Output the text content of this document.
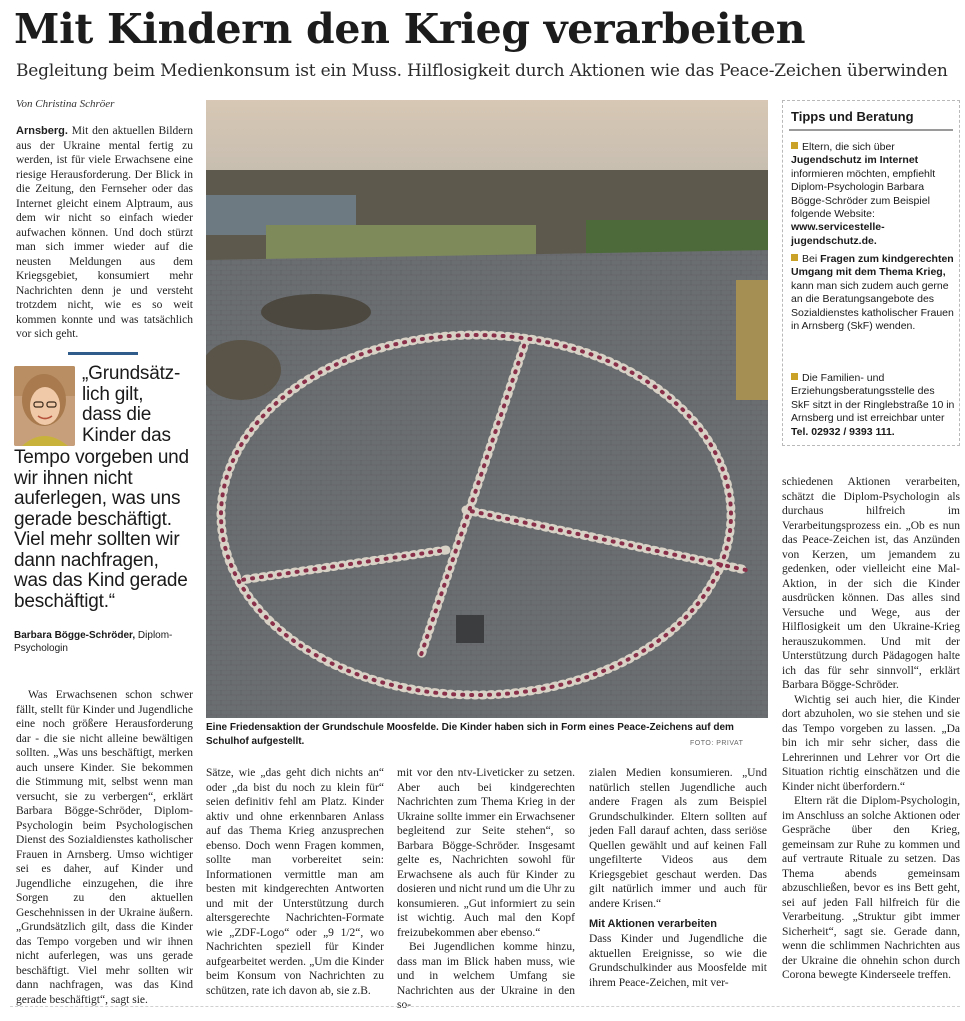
Mit Kindern den Krieg verarbeiten
Begleitung beim Medienkonsum ist ein Muss. Hilflosigkeit durch Aktionen wie das Peace-Zeichen überwinden
Von Christina Schröer

Arnsberg. Mit den aktuellen Bildern aus der Ukraine mental fertig zu werden, ist für viele Erwachsene eine riesige Herausforderung. Der Blick in die Zeitung, den Fernseher oder das Internet gleicht einem Alptraum, aus dem wir nicht so einfach wieder aufwachen können. Und doch stürzt man sich immer wieder auf die neusten Meldungen aus dem Kriegsgebiet, konsumiert mehr Nachrichten denn je und versteht trotzdem nicht, wie es so weit kommen konnte und was tatsächlich vor sich geht.

„Grundsätz-
lich gilt,
dass die
Kinder das
Tempo vorgeben und wir ihnen nicht auferlegen, was uns gerade beschäftigt. Viel mehr sollten wir dann nachfragen, was das Kind gerade beschäftigt.“
Barbara Bögge-Schröder, Diplom-Psychologin

Was Erwachsenen schon schwer fällt, stellt für Kinder und Jugendliche eine noch größere Herausforderung dar - die sie nicht alleine bewältigen sollten. „Was uns beschäftigt, merken auch unsere Kinder. Sie bekommen die Stimmung mit, selbst wenn man versucht, sie zu verbergen“, erklärt Barbara Bögge-Schröder, Diplom-Psychologin beim Psychologischen Dienst des Sozialdienstes katholischer Frauen in Arnsberg. Umso wichtiger sei es daher, auf Kinder und Jugendliche einzugehen, die ihre Sorgen zu den aktuellen Geschehnissen in der Ukraine äußern. „Grundsätzlich gilt, dass die Kinder das Tempo vorgeben und wir ihnen nicht auferlegen, was uns gerade beschäftigt. Viel mehr sollten wir dann nachfragen, was das Kind gerade beschäftigt“, sagt sie.

Eine Friedensaktion der Grundschule Moosfelde. Die Kinder haben sich in Form eines Peace-Zeichens auf dem Schulhof aufgestellt.	FOTO: PRIVAT
Tipps und Beratung
Eltern, die sich über Jugendschutz im Internet informieren möchten, empfiehlt Diplom-Psychologin Barbara Bögge-Schröder zum Beispiel folgende Website: www.servicestelle-jugendschutz.de.
Bei Fragen zum kindgerechten Umgang mit dem Thema Krieg, kann man sich zudem auch gerne an die Beratungsangebote des Sozialdienstes katholischer Frauen in Arnsberg (SkF) wenden.
Die Familien- und Erziehungsberatungsstelle des SkF sitzt in der Ringlebstraße 10 in Arnsberg und ist erreichbar unter Tel. 02932 / 9393 111.

Sätze, wie „das geht dich nichts an“ oder „da bist du noch zu klein für“ seien definitiv fehl am Platz. Kinder aktiv und ohne erkennbaren Anlass auf das Thema Krieg anzusprechen ebenso. Doch wenn Fragen kommen, sollte man vorbereitet sein: Informationen vermittle man am besten mit kindgerechten Antworten und mit der Unterstützung durch altersgerechte Nachrichten-Formate wie „ZDF-Logo“ oder „9 1/2“, wo Nachrichten speziell für Kinder aufgearbeitet werden. „Um die Kinder beim Konsum von Nachrichten zu schützen, rate ich davon ab, sie z.B.

mit vor den ntv-Liveticker zu setzen. Aber auch bei kindgerechten Nachrichten zum Thema Krieg in der Ukraine sollte immer ein Erwachsener begleitend zur Seite stehen“, so Barbara Bögge-Schröder. Insgesamt gelte es, Nachrichten sowohl für Erwachsene als auch für Kinder zu dosieren und nicht rund um die Uhr zu konsumieren. „Gut informiert zu sein ist wichtig. Auch mal den Kopf freizubekommen aber ebenso.“

Bei Jugendlichen komme hinzu, dass man im Blick haben muss, wie und in welchem Umfang sie Nachrichten aus der Ukraine in den so-

zialen Medien konsumieren. „Und natürlich stellen Jugendliche auch andere Fragen als zum Beispiel Grundschulkinder. Eltern sollten auf jeden Fall darauf achten, dass seriöse Quellen gewählt und auf keinen Fall ungefilterte Videos aus dem Kriegsgebiet geschaut werden. Das gilt natürlich immer und auch für andere Krisen.“

Mit Aktionen verarbeiten

Dass Kinder und Jugendliche die aktuellen Ereignisse, so wie die Grundschulkinder aus Moosfelde mit ihrem Peace-Zeichen, mit ver-

schiedenen Aktionen verarbeiten, schätzt die Diplom-Psychologin als durchaus hilfreich im Verarbeitungsprozess ein. „Ob es nun das Peace-Zeichen ist, das Anzünden von Kerzen, um jemandem zu gedenken, oder vielleicht eine Mal-Aktion, in der sich die Kinder ausdrücken können. Das alles sind Versuche und Wege, aus der Hilflosigkeit um den Ukraine-Krieg herauszukommen. Und mit der Unterstützung durch Pädagogen halte ich das für sehr sinnvoll“, erklärt Barbara Bögge-Schröder.

Wichtig sei auch hier, die Kinder dort abzuholen, wo sie stehen und sie das Tempo vorgeben zu lassen. „Da bin ich mir sehr sicher, dass die Lehrerinnen und Lehrer vor Ort die Situation richtig einschätzen und die Kinder nicht überfordern.“

Eltern rät die Diplom-Psychologin, im Anschluss an solche Aktionen oder Gespräche über den Krieg, gemeinsam zur Ruhe zu kommen und auf vertraute Rituale zu setzen. Das Thema abends gemeinsam abzuschließen, bevor es ins Bett geht, sei auf jeden Fall hilfreich für die Verarbeitung. „Struktur gibt immer Sicherheit“, sagt sie. Gerade dann, wenn die schlimmen Nachrichten aus der Ukraine die ohnehin schon durch Corona bewegte Kinderseele treffen.
